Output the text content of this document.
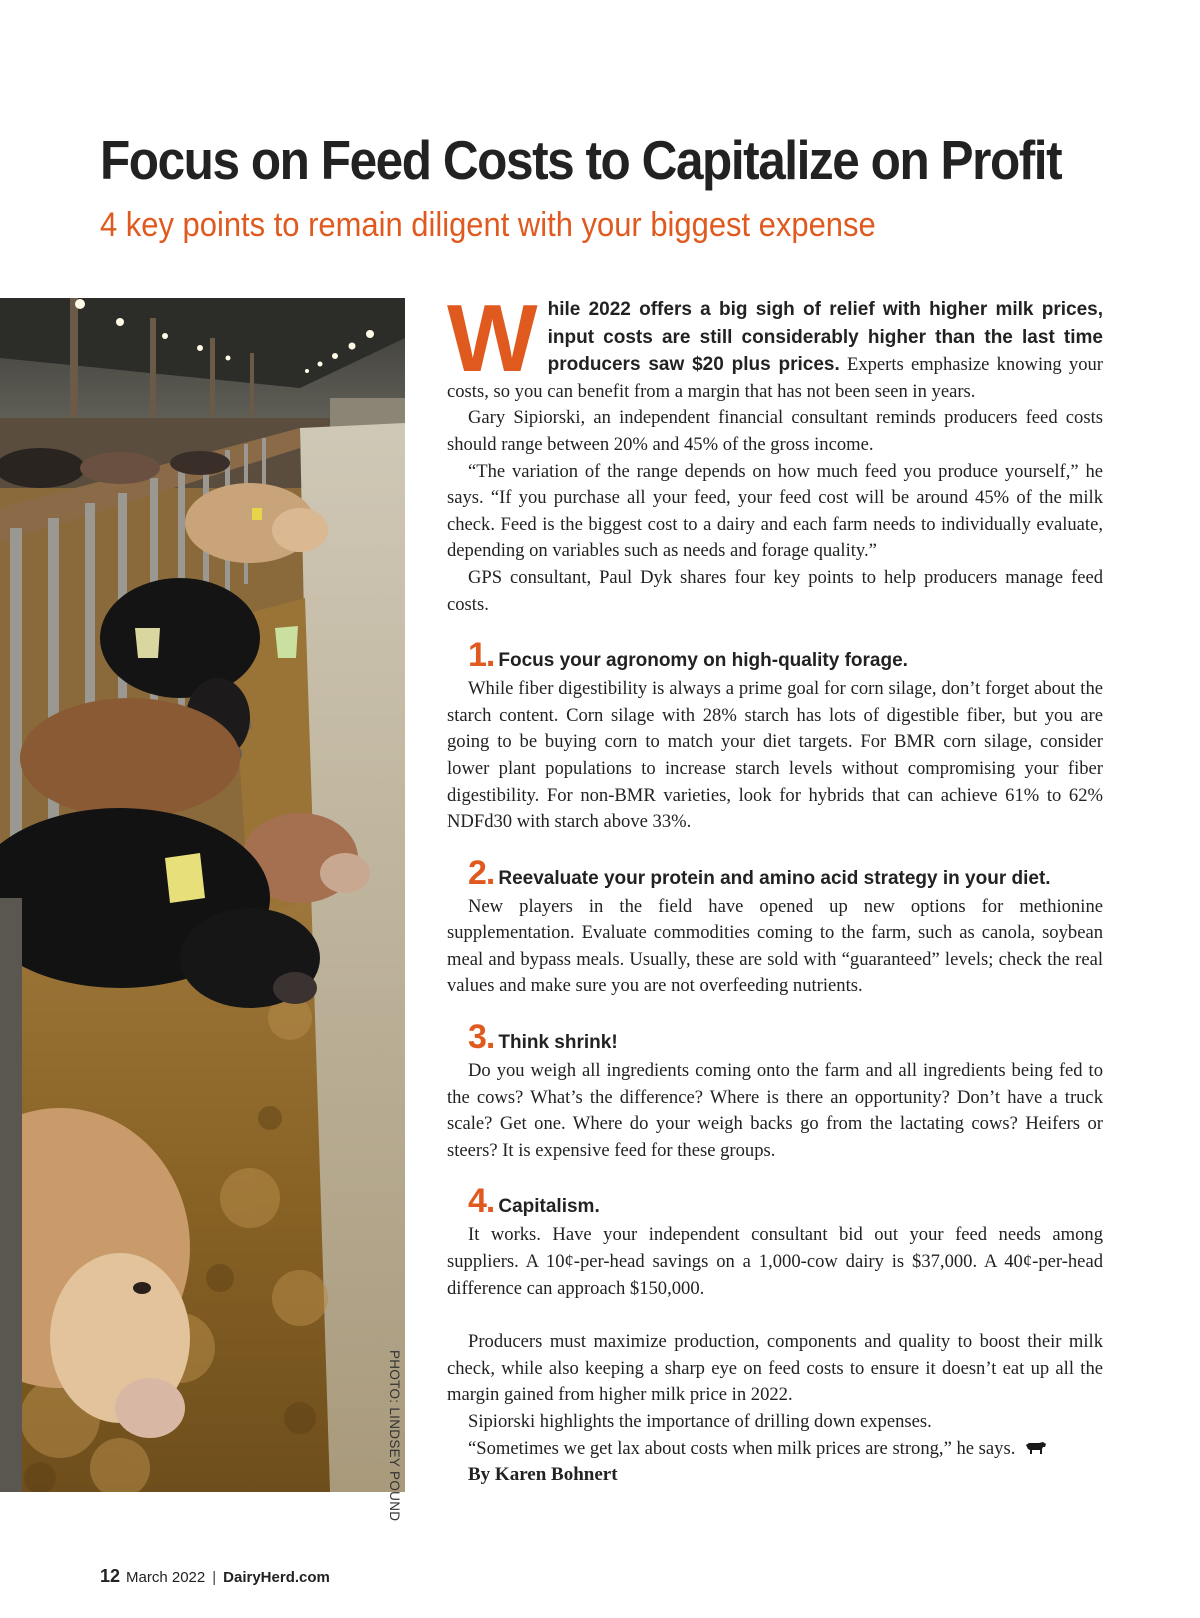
Focus on Feed Costs to Capitalize on Profit
4 key points to remain diligent with your biggest expense
PHOTO: LINDSEY POUND

While 2022 offers a big sigh of relief with higher milk prices, input costs are still considerably higher than the last time producers saw $20 plus prices. Experts emphasize knowing your costs, so you can benefit from a margin that has not been seen in years.

Gary Sipiorski, an independent financial consultant reminds producers feed costs should range between 20% and 45% of the gross income.

“The variation of the range depends on how much feed you produce yourself,” he says. “If you purchase all your feed, your feed cost will be around 45% of the milk check. Feed is the biggest cost to a dairy and each farm needs to individually evaluate, depending on variables such as needs and forage quality.”

GPS consultant, Paul Dyk shares four key points to help producers manage feed costs.

1. Focus your agronomy on high-quality forage.

While fiber digestibility is always a prime goal for corn silage, don’t forget about the starch content. Corn silage with 28% starch has lots of digestible fiber, but you are going to be buying corn to match your diet targets. For BMR corn silage, consider lower plant populations to increase starch levels without compromising your fiber digestibility. For non-BMR varieties, look for hybrids that can achieve 61% to 62% NDFd30 with starch above 33%.

2. Reevaluate your protein and amino acid strategy in your diet.

New players in the field have opened up new options for methionine supplementation. Evaluate commodities coming to the farm, such as canola, soybean meal and bypass meals. Usually, these are sold with “guaranteed” levels; check the real values and make sure you are not overfeeding nutrients.

3. Think shrink!

Do you weigh all ingredients coming onto the farm and all ingredients being fed to the cows? What’s the difference? Where is there an opportunity? Don’t have a truck scale? Get one. Where do your weigh backs go from the lactating cows? Heifers or steers? It is expensive feed for these groups.

4. Capitalism.

It works. Have your independent consultant bid out your feed needs among suppliers. A 10¢-per-head savings on a 1,000-cow dairy is $37,000. A 40¢-per-head difference can approach $150,000.

Producers must maximize production, components and quality to boost their milk check, while also keeping a sharp eye on feed costs to ensure it doesn’t eat up all the margin gained from higher milk price in 2022.

Sipiorski highlights the importance of drilling down expenses.

“Sometimes we get lax about costs when milk prices are strong,” he says.

By Karen Bohnert

12 March 2022 | DairyHerd.com
